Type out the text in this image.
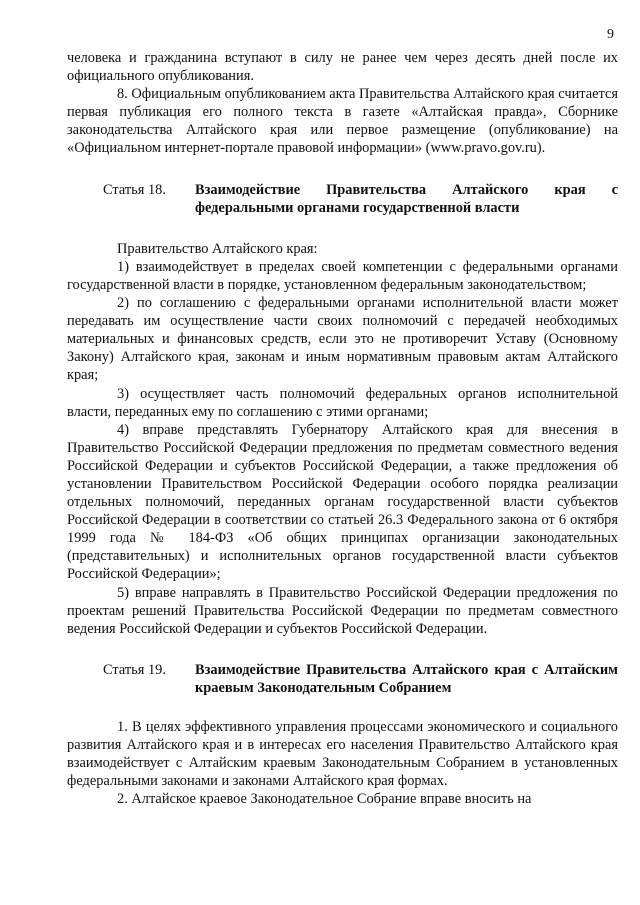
9

человека и гражданина вступают в силу не ранее чем через десять дней после их официального опубликования.

8. Официальным опубликованием акта Правительства Алтайского края считается первая публикация его полного текста в газете «Алтайская правда», Сборнике законодательства Алтайского края или первое размещение (опубликование) на «Официальном интернет-портале правовой информации» (www.pravo.gov.ru).

Статья 18.	Взаимодействие Правительства Алтайского края с федеральными органами государственной власти

Правительство Алтайского края:

1) взаимодействует в пределах своей компетенции с федеральными органами государственной власти в порядке, установленном федеральным законодательством;

2) по соглашению с федеральными органами исполнительной власти может передавать им осуществление части своих полномочий с передачей необходимых материальных и финансовых средств, если это не противоречит Уставу (Основному Закону) Алтайского края, законам и иным нормативным правовым актам Алтайского края;

3) осуществляет часть полномочий федеральных органов исполнительной власти, переданных ему по соглашению с этими органами;

4) вправе представлять Губернатору Алтайского края для внесения в Правительство Российской Федерации предложения по предметам совместного ведения Российской Федерации и субъектов Российской Федерации, а также предложения об установлении Правительством Российской Федерации особого порядка реализации отдельных полномочий, переданных органам государственной власти субъектов Российской Федерации в соответствии со статьей 26.3 Федерального закона от 6 октября 1999 года № 184-ФЗ «Об общих принципах организации законодательных (представительных) и исполнительных органов государственной власти субъектов Российской Федерации»;

5) вправе направлять в Правительство Российской Федерации предложения по проектам решений Правительства Российской Федерации по предметам совместного ведения Российской Федерации и субъектов Российской Федерации.

Статья 19.	Взаимодействие Правительства Алтайского края с Алтайским краевым Законодательным Собранием

1. В целях эффективного управления процессами экономического и социального развития Алтайского края и в интересах его населения Правительство Алтайского края взаимодействует с Алтайским краевым Законодательным Собранием в установленных федеральными законами и законами Алтайского края формах.

2. Алтайское краевое Законодательное Собрание вправе вносить на
